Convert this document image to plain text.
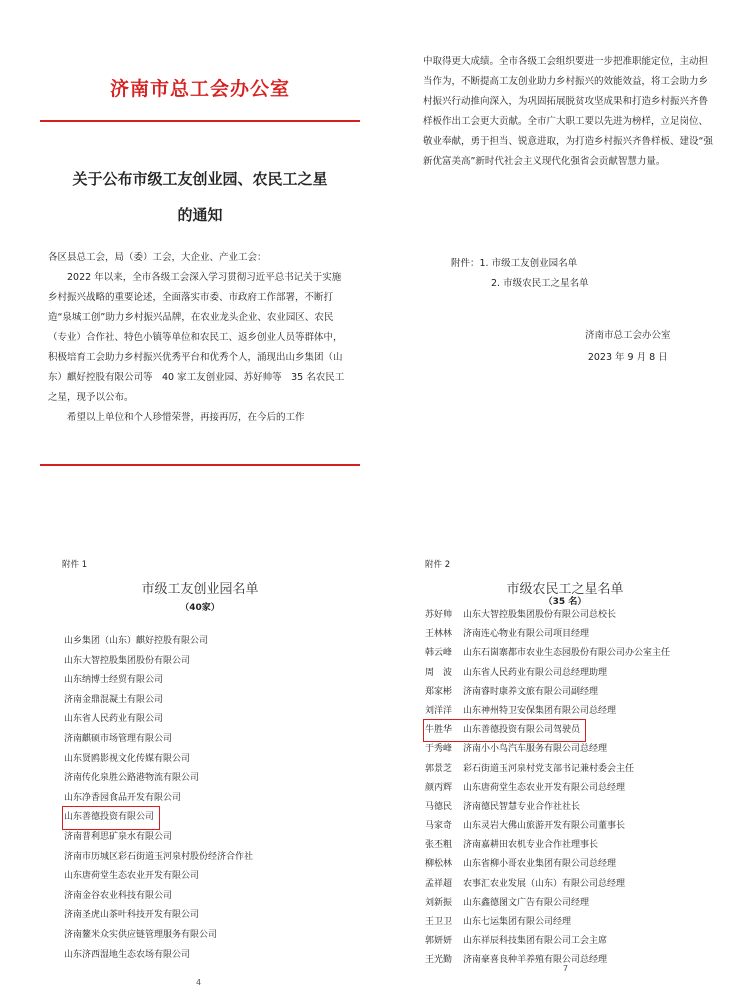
济南市总工会办公室
关于公布市级工友创业园、农民工之星
的通知

各区县总工会，局（委）工会，大企业、产业工会：

2022 年以来，全市各级工会深入学习贯彻习近平总书记关于实施乡村振兴战略的重要论述，全面落实市委、市政府工作部署，不断打造“泉城工创”助力乡村振兴品牌，在农业龙头企业、农业园区、农民（专业）合作社、特色小镇等单位和农民工、返乡创业人员等群体中，积极培育工会助力乡村振兴优秀平台和优秀个人，涌现出山乡集团（山东）麒好控股有限公司等　40 家工友创业园、苏好帅等　35 名农民工之星，现予以公布。

希望以上单位和个人珍惜荣誉，再接再厉，在今后的工作

中取得更大成绩。全市各级工会组织要进一步把准职能定位，主动担当作为，不断提高工友创业助力乡村振兴的效能效益，将工会助力乡村振兴行动推向深入，为巩固拓展脱贫攻坚成果和打造乡村振兴齐鲁样板作出工会更大贡献。全市广大职工要以先进为榜样，立足岗位、敬业奉献，勇于担当、锐意进取，为打造乡村振兴齐鲁样板、建设“强新优富美高”新时代社会主义现代化强省会贡献智慧力量。
附件：1. 市级工友创业园名单
2. 市级农民工之星名单
济南市总工会办公室
2023 年 9 月 8 日
附件 1
市级工友创业园名单
（40家）
山乡集团（山东）麒好控股有限公司
山东大智控股集团股份有限公司
山东纳博士经贸有限公司
济南金鼎混凝土有限公司
山东省人民药业有限公司
济南麒硕市场管理有限公司
山东贤鸥影视文化传媒有限公司
济南传化泉胜公路港物流有限公司
山东净香园食品开发有限公司
山东善德投资有限公司
济南普利思矿泉水有限公司
济南市历城区彩石街道玉河泉村股份经济合作社
山东唐荷堂生态农业开发有限公司
济南金谷农业科技有限公司
济南圣虎山茶叶科技开发有限公司
济南鳌米众实供应链管理服务有限公司
山东济西湿地生态农场有限公司
4
附件 2
市级农民工之星名单
（35 名）
苏好帅 山东大智控股集团股份有限公司总校长
王林林 济南连心物业有限公司项目经理
韩云峰 山东石崮寨都市农业生态园股份有限公司办公室主任
周　波 山东省人民药业有限公司总经理助理
郑家彬 济南睿时康养文旅有限公司副经理
刘洋洋 山东神州特卫安保集团有限公司总经理
牛胜华 山东善德投资有限公司驾驶员
于秀峰 济南小小鸟汽车服务有限公司总经理
郭景芝 彩石街道玉河泉村党支部书记兼村委会主任
颜丙辉 山东唐荷堂生态农业开发有限公司总经理
马德民 济南德民智慧专业合作社社长
马家奇 山东灵岩大佛山旅游开发有限公司董事长
张丕粗 济南嘉耕田农机专业合作社理事长
柳松林 山东省柳小哥农业集团有限公司总经理
孟祥超 农事汇农业发展（山东）有限公司总经理
刘新振 山东鑫德图文广告有限公司经理
王卫卫 山东七运集团有限公司经理
郭妍妍 山东祥辰科技集团有限公司工会主席
王光勤 济南豪喜良种羊养殖有限公司总经理
7
